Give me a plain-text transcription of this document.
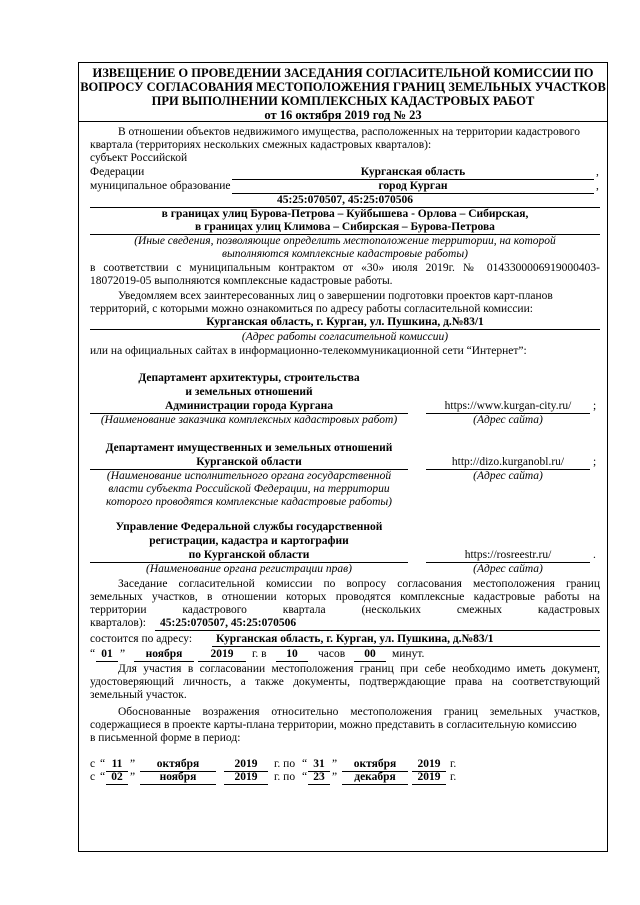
ИЗВЕЩЕНИЕ О ПРОВЕДЕНИИ ЗАСЕДАНИЯ СОГЛАСИТЕЛЬНОЙ КОМИССИИ ПО
ВОПРОСУ СОГЛАСОВАНИЯ МЕСТОПОЛОЖЕНИЯ ГРАНИЦ ЗЕМЕЛЬНЫХ УЧАСТКОВ
ПРИ ВЫПОЛНЕНИИ КОМПЛЕКСНЫХ КАДАСТРОВЫХ РАБОТ
от 16 октября 2019 год № 23
В отношении объектов недвижимого имущества, расположенных на территории кадастрового
квартала (территориях нескольких смежных кадастровых кварталов):
субъект Российской
Федерации	Курганская область	,
муниципальное образование	город Курган	,
45:25:070507, 45:25:070506
в границах улиц Бурова-Петрова – Куйбышева - Орлова – Сибирская,
в границах улиц Климова – Сибирская – Бурова-Петрова
(Иные сведения, позволяющие определить местоположение территории, на которой
выполняются комплексные кадастровые работы)
в соответствии с муниципальным контрактом от «30» июля 2019г. № 0143300006919000403-
18072019-05 выполняются комплексные кадастровые работы.
Уведомляем всех заинтересованных лиц о завершении подготовки проектов карт-планов
территорий, с которыми можно ознакомиться по адресу работы согласительной комиссии:
Курганская область, г. Курган, ул. Пушкина, д.№83/1
(Адрес работы согласительной комиссии)
или на официальных сайтах в информационно-телекоммуникационной сети “Интернет”:
Департамент архитектуры, строительства
и земельных отношений
Администрации города Кургана	https://www.kurgan-city.ru/	;
(Наименование заказчика комплексных кадастровых работ)	(Адрес сайта)
Департамент имущественных и земельных отношений
Курганской области	http://dizo.kurganobl.ru/	;
(Наименование исполнительного органа государственной
власти субъекта Российской Федерации, на территории
которого проводятся комплексные кадастровые работы)
(Адрес сайта)
Управление Федеральной службы государственной
регистрации, кадастра и картографии
по Курганской области	https://rosreestr.ru/	.
(Наименование органа регистрации прав)	(Адрес сайта)
Заседание согласительной комиссии по вопросу согласования местоположения границ
земельных участков, в отношении которых проводятся комплексные кадастровые работы на
территории кадастрового квартала (нескольких смежных кадастровых
кварталов): 45:25:070507, 45:25:070506
состоится по адресу: Курганская область, г. Курган, ул. Пушкина, д.№83/1
“ 01 ”	ноября	2019	г. в	10	часов	00	минут.
Для участия в согласовании местоположения границ при себе необходимо иметь документ,
удостоверяющий личность, а также документы, подтверждающие права на соответствующий
земельный участок.
Обоснованные возражения относительно местоположения границ земельных участков,
содержащиеся в проекте карты-плана территории, можно представить в согласительную комиссию
в письменной форме в период:
с “ 11 ”	октября	2019	г. по “ 31 ”	октября	2019 г.
с “ 02 ”	ноября	2019	г. по “ 23 ”	декабря	2019 г.
